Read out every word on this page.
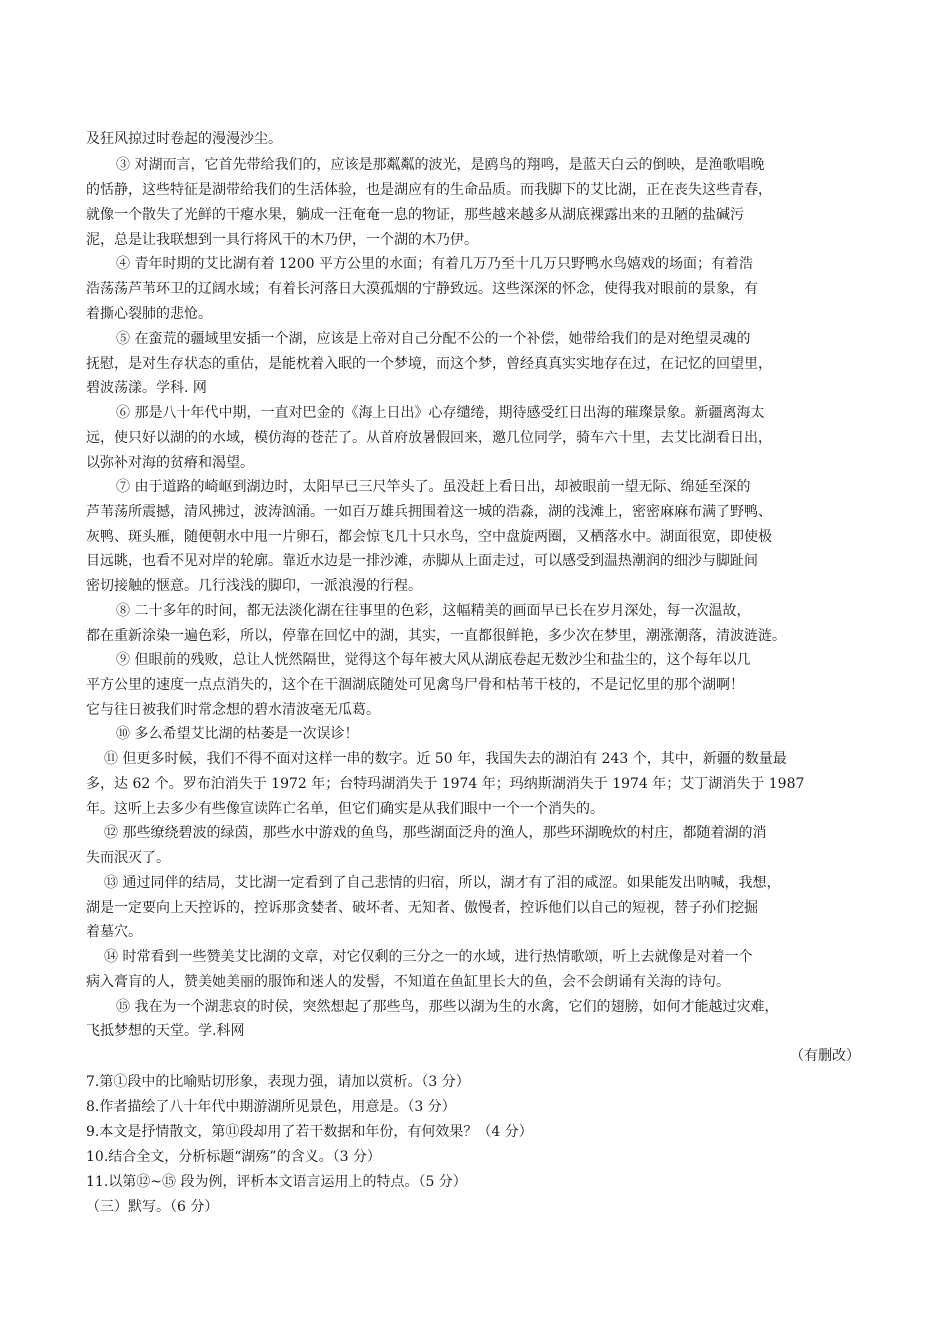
及狂风掠过时卷起的漫漫沙尘。
③ 对湖而言，它首先带给我们的，应该是那粼粼的波光，是鸥鸟的翔鸣，是蓝天白云的倒映，是渔歌唱晚
的恬静，这些特征是湖带给我们的生活体验，也是湖应有的生命品质。而我脚下的艾比湖，正在丧失这些青春，
就像一个散失了光鲜的干瘪水果，躺成一汪奄奄一息的物证，那些越来越多从湖底裸露出来的丑陋的盐碱污
泥，总是让我联想到一具行将风干的木乃伊，一个湖的木乃伊。
④ 青年时期的艾比湖有着 1200 平方公里的水面；有着几万乃至十几万只野鸭水鸟嬉戏的场面；有着浩
浩荡荡芦苇环卫的辽阔水域；有着长河落日大漠孤烟的宁静致远。这些深深的怀念，使得我对眼前的景象，有
着撕心裂肺的悲怆。
⑤ 在蛮荒的疆域里安插一个湖，应该是上帝对自己分配不公的一个补偿，她带给我们的是对绝望灵魂的
抚慰，是对生存状态的重估，是能枕着入眠的一个梦境，而这个梦，曾经真真实实地存在过，在记忆的回望里，
碧波荡漾。学科. 网
⑥ 那是八十年代中期，一直对巴金的《海上日出》心存缱绻，期待感受红日出海的璀璨景象。新疆离海太
远，使只好以湖的的水域，模仿海的苍茫了。从首府放暑假回来，邀几位同学，骑车六十里，去艾比湖看日出，
以弥补对海的贫瘠和渴望。
⑦ 由于道路的崎岖到湖边时，太阳早已三尺竿头了。虽没赶上看日出，却被眼前一望无际、绵延至深的
芦苇荡所震撼，清风拂过，波涛汹涌。一如百万雄兵拥围着这一城的浩淼，湖的浅滩上，密密麻麻布满了野鸭、
灰鸭、斑头雁，随便朝水中甩一片卵石，都会惊飞几十只水鸟，空中盘旋两圈，又栖落水中。湖面很宽，即使极
目远眺，也看不见对岸的轮廓。靠近水边是一排沙滩，赤脚从上面走过，可以感受到温热潮润的细沙与脚趾间
密切接触的惬意。几行浅浅的脚印，一派浪漫的行程。
⑧ 二十多年的时间，都无法淡化湖在往事里的色彩，这幅精美的画面早已长在岁月深处，每一次温故，
都在重新涂染一遍色彩，所以，停靠在回忆中的湖，其实，一直都很鲜艳，多少次在梦里，潮涨潮落，清波涟涟。
⑨ 但眼前的残败，总让人恍然隔世，觉得这个每年被大风从湖底卷起无数沙尘和盐尘的，这个每年以几
平方公里的速度一点点消失的，这个在干涸湖底随处可见禽鸟尸骨和枯苇干枝的，不是记忆里的那个湖啊！
它与往日被我们时常念想的碧水清波毫无瓜葛。
⑩ 多么希望艾比湖的枯萎是一次误诊！
⑪ 但更多时候，我们不得不面对这样一串的数字。近 50 年，我国失去的湖泊有 243 个，其中，新疆的数量最
多，达 62 个。罗布泊消失于 1972 年；台特玛湖消失于 1974 年；玛纳斯湖消失于 1974 年；艾丁湖消失于 1987
年。这听上去多少有些像宣读阵亡名单，但它们确实是从我们眼中一个一个消失的。
⑫ 那些缭绕碧波的绿茵，那些水中游戏的鱼鸟，那些湖面泛舟的渔人，那些环湖晚炊的村庄，都随着湖的消
失而泯灭了。
⑬ 通过同伴的结局，艾比湖一定看到了自己悲情的归宿，所以，湖才有了泪的咸涩。如果能发出呐喊，我想，
湖是一定要向上天控诉的，控诉那贪婪者、破坏者、无知者、傲慢者，控诉他们以自己的短视，替子孙们挖掘
着墓穴。
⑭ 时常看到一些赞美艾比湖的文章，对它仅剩的三分之一的水域，进行热情歌颂，听上去就像是对着一个
病入膏肓的人，赞美她美丽的服饰和迷人的发髻，不知道在鱼缸里长大的鱼，会不会朗诵有关海的诗句。
⑮ 我在为一个湖悲哀的时侯，突然想起了那些鸟，那些以湖为生的水禽，它们的翅膀，如何才能越过灾难，
飞抵梦想的天堂。学.科网
（有删改）
7.第①段中的比喻贴切形象，表现力强，请加以赏析。（3 分）
8.作者描绘了八十年代中期游湖所见景色，用意是。（3 分）
9.本文是抒情散文，第⑪段却用了若干数据和年份，有何效果？（4 分）
10.结合全文，分析标题“湖殇”的含义。（3 分）
11.以第⑫~⑮ 段为例，评析本文语言运用上的特点。（5 分）
（三）默写。（6 分）
